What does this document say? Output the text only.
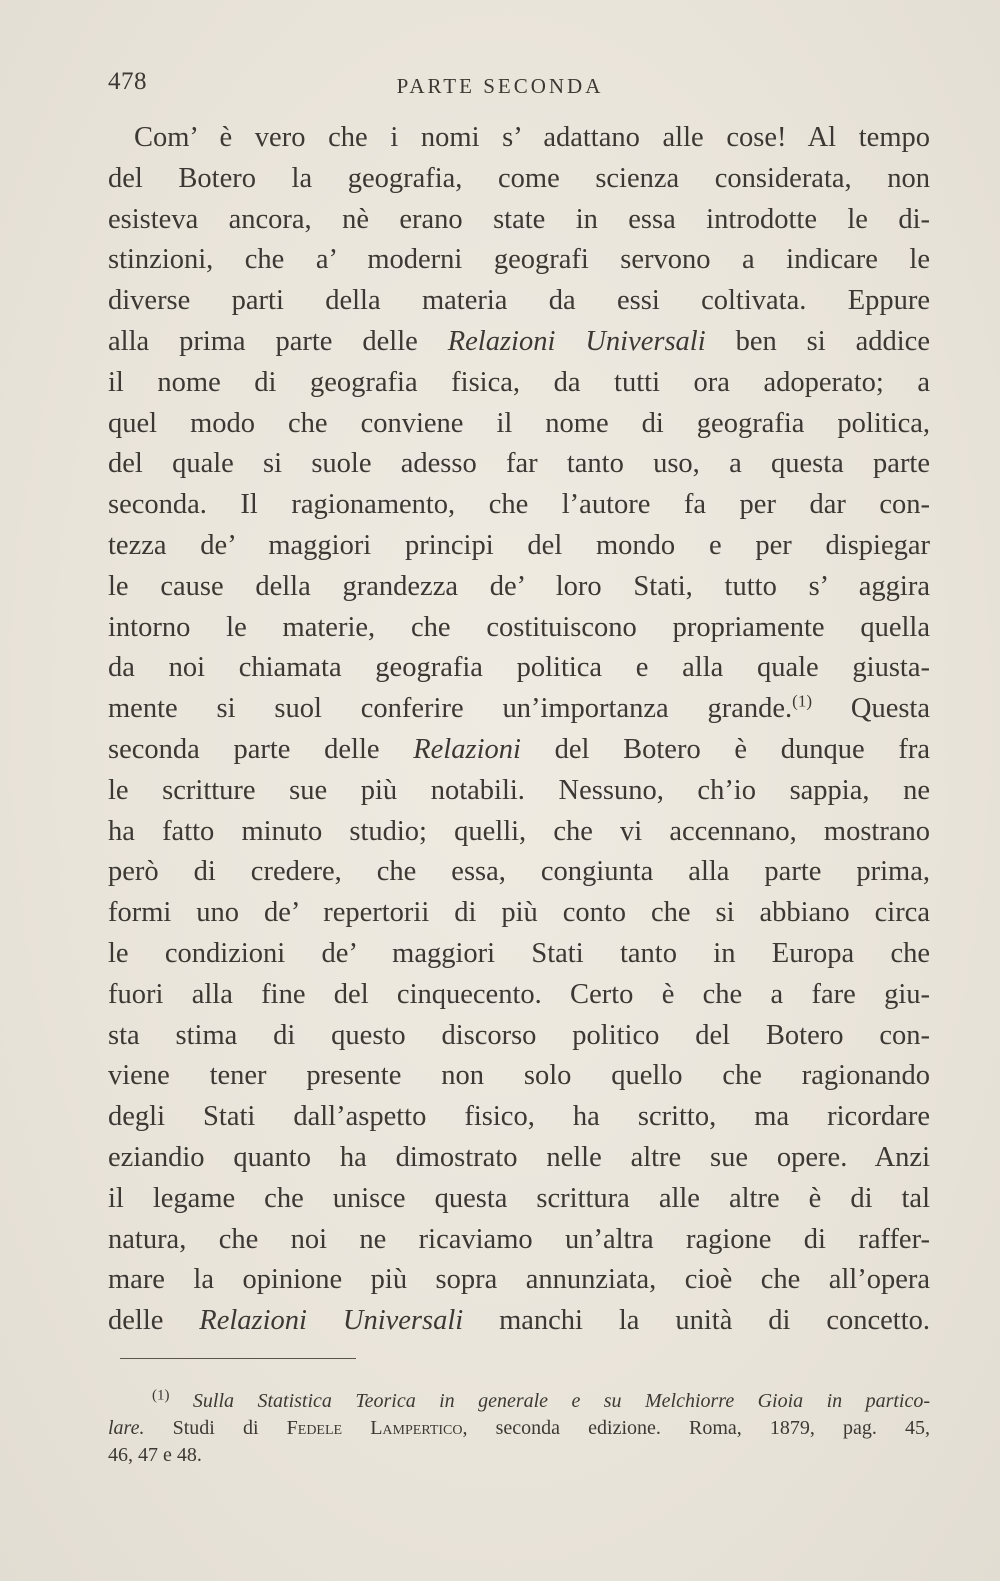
478	PARTE SECONDA
Com’ è vero che i nomi s’ adattano alle cose! Al tempo
del Botero la geografia, come scienza considerata, non
esisteva ancora, nè erano state in essa introdotte le di-
stinzioni, che a’ moderni geografi servono a indicare le
diverse parti della materia da essi coltivata. Eppure
alla prima parte delle Relazioni Universali ben si addice
il nome di geografia fisica, da tutti ora adoperato; a
quel modo che conviene il nome di geografia politica,
del quale si suole adesso far tanto uso, a questa parte
seconda. Il ragionamento, che l’autore fa per dar con-
tezza de’ maggiori principi del mondo e per dispiegar
le cause della grandezza de’ loro Stati, tutto s’ aggira
intorno le materie, che costituiscono propriamente quella
da noi chiamata geografia politica e alla quale giusta-
mente si suol conferire un’importanza grande.$^{(1)}$ Questa
seconda parte delle Relazioni del Botero è dunque fra
le scritture sue più notabili. Nessuno, ch’io sappia, ne
ha fatto minuto studio; quelli, che vi accennano, mostrano
però di credere, che essa, congiunta alla parte prima,
formi uno de’ repertorii di più conto che si abbiano circa
le condizioni de’ maggiori Stati tanto in Europa che
fuori alla fine del cinquecento. Certo è che a fare giu-
sta stima di questo discorso politico del Botero con-
viene tener presente non solo quello che ragionando
degli Stati dall’aspetto fisico, ha scritto, ma ricordare
eziandio quanto ha dimostrato nelle altre sue opere. Anzi
il legame che unisce questa scrittura alle altre è di tal
natura, che noi ne ricaviamo un’altra ragione di raffer-
mare la opinione più sopra annunziata, cioè che all’opera
delle Relazioni Universali manchi la unità di concetto.
$^{(1)}$ Sulla Statistica Teorica in generale e su Melchiorre Gioia in partico-
lare. Studi di Fedele Lampertico, seconda edizione. Roma, 1879, pag. 45,
46, 47 e 48.
